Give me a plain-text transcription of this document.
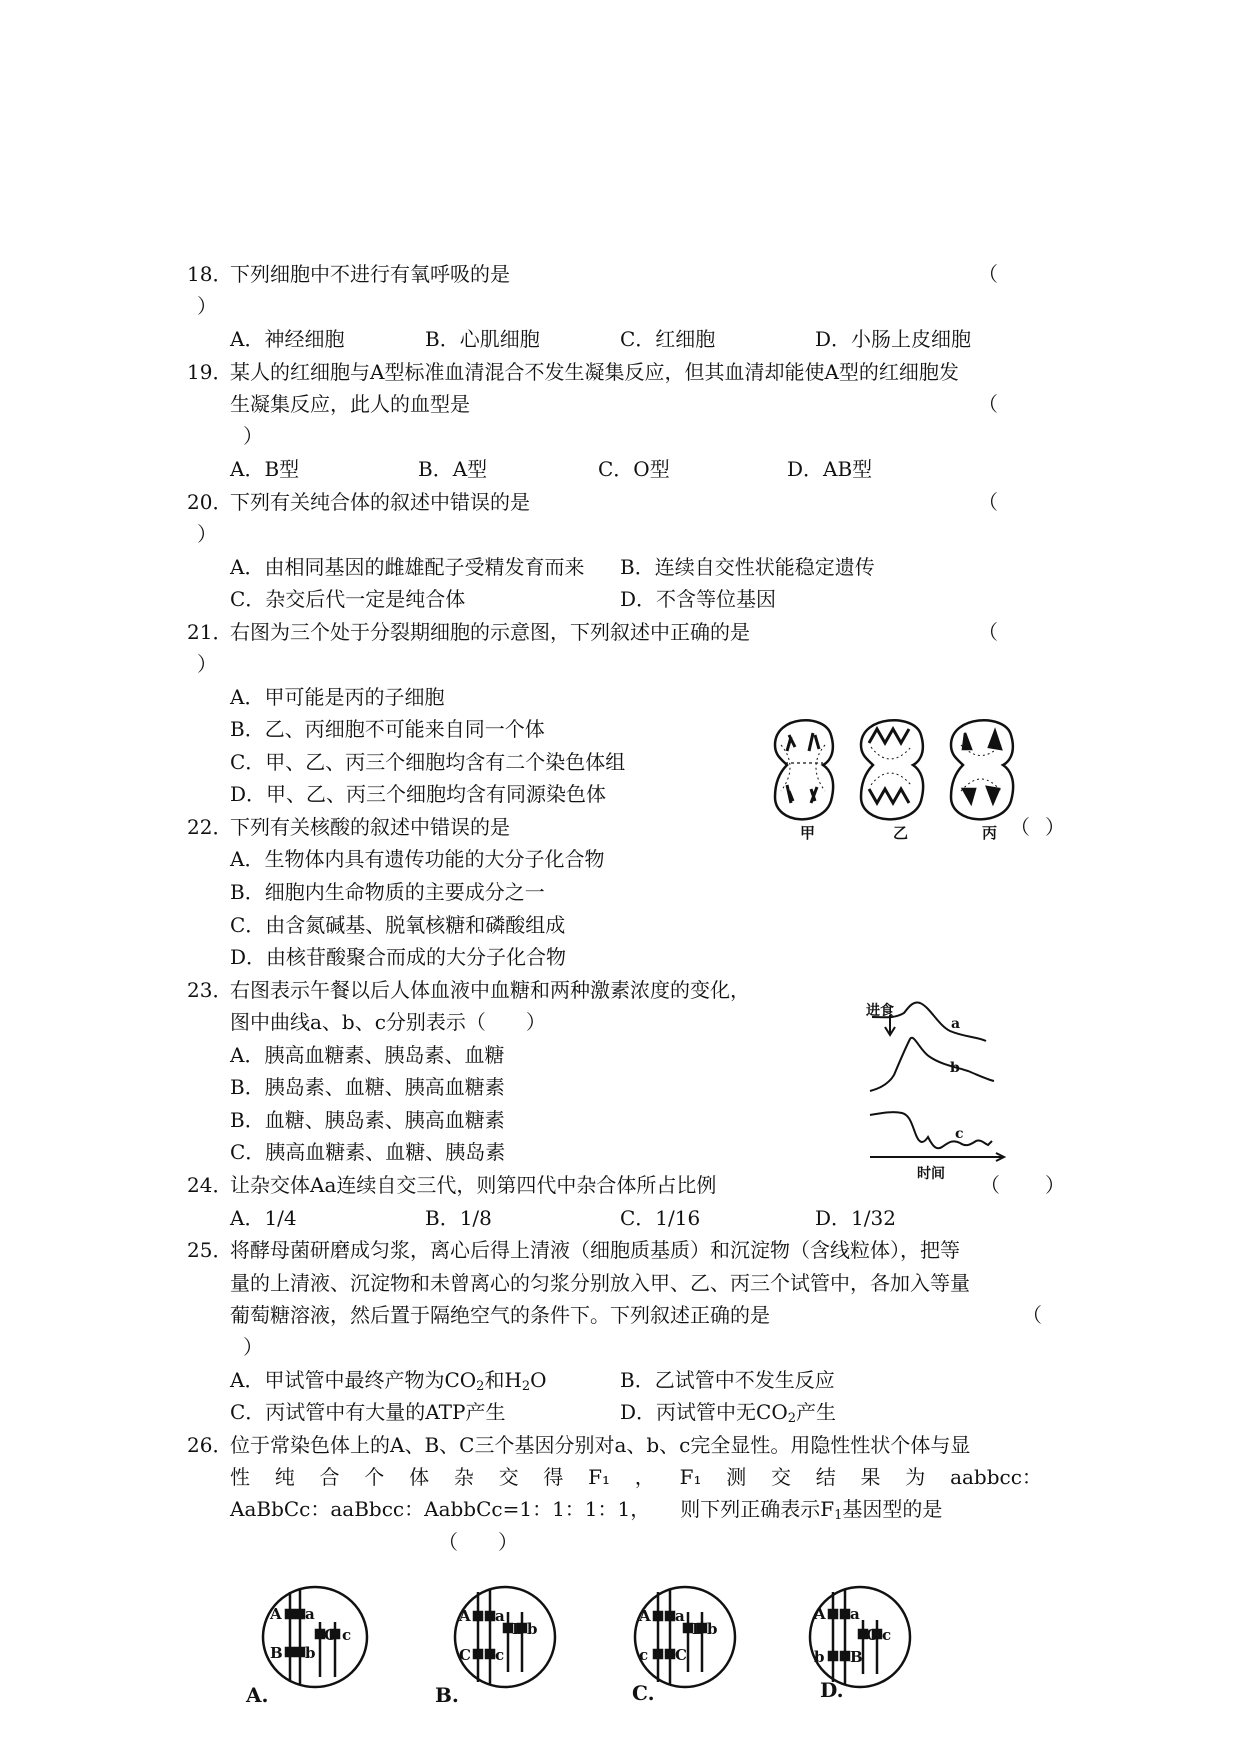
18．
下列细胞中不进行有氧呼吸的是	（
）
A．神经细胞	B．心肌细胞	C．红细胞	D．小肠上皮细胞
19．
某人的红细胞与A型标准血清混合不发生凝集反应，但其血清却能使A型的红细胞发
生凝集反应，此人的血型是	（
）
A．B型	B．A型	C．O型	D．AB型
20．
下列有关纯合体的叙述中错误的是	（
）
A．由相同基因的雌雄配子受精发育而来 B．连续自交性状能稳定遗传
C．杂交后代一定是纯合体	D．不含等位基因
21．
右图为三个处于分裂期细胞的示意图，下列叙述中正确的是	（
）
A．甲可能是丙的子细胞
B．乙、丙细胞不可能来自同一个体
C．甲、乙、丙三个细胞均含有二个染色体组
D．甲、乙、丙三个细胞均含有同源染色体
甲	乙	丙
22．
下列有关核酸的叙述中错误的是	（ ）
A．生物体内具有遗传功能的大分子化合物
B．细胞内生命物质的主要成分之一
C．由含氮碱基、脱氧核糖和磷酸组成
D．由核苷酸聚合而成的大分子化合物
23．
右图表示午餐以后人体血液中血糖和两种激素浓度的变化，
图中曲线a、b、c分别表示（　　）
A．胰高血糖素、胰岛素、血糖
B．胰岛素、血糖、胰高血糖素
B．血糖、胰岛素、胰高血糖素
C．胰高血糖素、血糖、胰岛素
进食
a
b
c
时间
24．
让杂交体Aa连续自交三代，则第四代中杂合体所占比例	（ ）
A．1/4	B．1/8	C．1/16	D．1/32
25．
将酵母菌研磨成匀浆，离心后得上清液（细胞质基质）和沉淀物（含线粒体），把等
量的上清液、沉淀物和未曾离心的匀浆分别放入甲、乙、丙三个试管中，各加入等量
葡萄糖溶液，然后置于隔绝空气的条件下。下列叙述正确的是	（
）
A．甲试管中最终产物为$CO_2$和$H_2O$	B．乙试管中不发生反应
C．丙试管中有大量的ATP产生	D．丙试管中无$CO_2$产生
26．
位于常染色体上的A、B、C三个基因分别对a、b、c完全显性。用隐性性状个体与显
性 纯 合 个 体 杂 交 得 F₁ ， F₁ 测 交 结 果 为 aabbcc：
AaBbCc：aaBbcc：AabbCc=1：1：1：1，　　则下列正确表示$F_1$基因型的是
（　　）
A a
B b
C c
A a
C c
B b
A a
c C
B b
A a
b B
C c
A.	B.	C.	D.
